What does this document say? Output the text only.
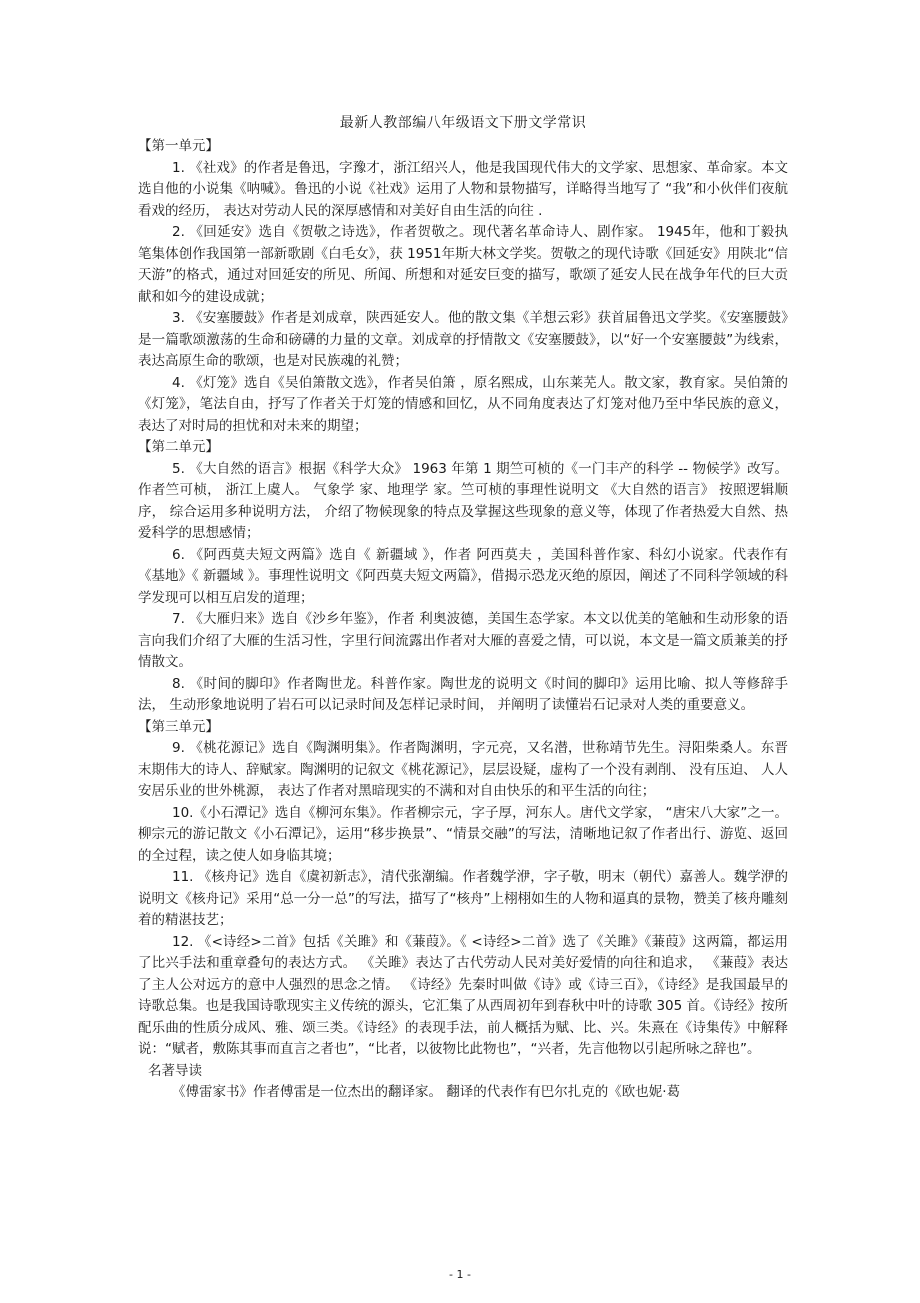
最新人教部编八年级语文下册文学常识

【第一单元】

1. 《社戏》的作者是鲁迅，字豫才，浙江绍兴人，他是我国现代伟大的文学家、思想家、革命家。本文选自他的小说集《呐喊》。鲁迅的小说《社戏》运用了人物和景物描写，详略得当地写了 “我”和小伙伴们夜航看戏的经历， 表达对劳动人民的深厚感情和对美好自由生活的向往 .

2. 《回延安》选自《贺敬之诗选》，作者贺敬之。现代著名革命诗人、剧作家。 1945年，他和丁毅执笔集体创作我国第一部新歌剧《白毛女》，获 1951年斯大林文学奖。贺敬之的现代诗歌《回延安》用陕北“信天游”的格式，通过对回延安的所见、所闻、所想和对延安巨变的描写，歌颂了延安人民在战争年代的巨大贡献和如今的建设成就；

3. 《安塞腰鼓》作者是刘成章，陕西延安人。他的散文集《羊想云彩》获首届鲁迅文学奖。《安塞腰鼓》是一篇歌颂激荡的生命和磅礴的力量的文章。刘成章的抒情散文《安塞腰鼓》，以“好一个安塞腰鼓”为线索，表达高原生命的歌颂，也是对民族魂的礼赞；

4. 《灯笼》选自《吴伯箫散文选》，作者吴伯箫 ，原名熙成，山东莱芜人。散文家，教育家。吴伯箫的《灯笼》，笔法自由，抒写了作者关于灯笼的情感和回忆，从不同角度表达了灯笼对他乃至中华民族的意义，表达了对时局的担忧和对未来的期望；

【第二单元】

5. 《大自然的语言》根据《科学大众》 1963 年第 1 期竺可桢的《一门丰产的科学 -- 物候学》改写。作者竺可桢， 浙江上虞人。 气象学 家、地理学 家。竺可桢的事理性说明文 《大自然的语言》 按照逻辑顺序， 综合运用多种说明方法， 介绍了物候现象的特点及掌握这些现象的意义等，体现了作者热爱大自然、热爱科学的思想感情；

6. 《阿西莫夫短文两篇》选自《 新疆域 》，作者 阿西莫夫 ，美国科普作家、科幻小说家。代表作有《基地》《 新疆域 》。事理性说明文《阿西莫夫短文两篇》，借揭示恐龙灭绝的原因，阐述了不同科学领域的科学发现可以相互启发的道理；

7. 《大雁归来》选自《沙乡年鉴》，作者 利奥波德，美国生态学家。本文以优美的笔触和生动形象的语言向我们介绍了大雁的生活习性，字里行间流露出作者对大雁的喜爱之情，可以说，本文是一篇文质兼美的抒情散文。

8. 《时间的脚印》作者陶世龙。科普作家。陶世龙的说明文《时间的脚印》运用比喻、拟人等修辞手法， 生动形象地说明了岩石可以记录时间及怎样记录时间， 并阐明了读懂岩石记录对人类的重要意义。

【第三单元】

9. 《桃花源记》选自《陶渊明集》。作者陶渊明，字元亮，又名潜，世称靖节先生。浔阳柴桑人。东晋末期伟大的诗人、辞赋家。陶渊明的记叙文《桃花源记》，层层设疑，虚构了一个没有剥削、 没有压迫、 人人安居乐业的世外桃源， 表达了作者对黑暗现实的不满和对自由快乐的和平生活的向往；

10.《小石潭记》选自《柳河东集》。作者柳宗元，字子厚，河东人。唐代文学家， “唐宋八大家”之一。柳宗元的游记散文《小石潭记》，运用“移步换景”、“情景交融”的写法，清晰地记叙了作者出行、游览、返回的全过程，读之使人如身临其境；

11. 《核舟记》选自《虞初新志》，清代张潮编。作者魏学洢，字子敬，明末（朝代）嘉善人。魏学洢的说明文《核舟记》采用“总一分一总”的写法，描写了“核舟”上栩栩如生的人物和逼真的景物，赞美了核舟雕刻着的精湛技艺；

12. 《<诗经>二首》包括《关雎》和《蒹葭》。《 <诗经>二首》选了《关雎》《蒹葭》这两篇，都运用了比兴手法和重章叠句的表达方式。 《关雎》表达了古代劳动人民对美好爱情的向往和追求， 《蒹葭》表达了主人公对远方的意中人强烈的思念之情。 《诗经》先秦时叫做《诗》或《诗三百》，《诗经》是我国最早的诗歌总集。也是我国诗歌现实主义传统的源头，它汇集了从西周初年到春秋中叶的诗歌 305 首。《诗经》按所配乐曲的性质分成风、雅、颂三类。《诗经》的表现手法，前人概括为赋、比、兴。朱熹在《诗集传》中解释说：“赋者，敷陈其事而直言之者也”，“比者，以彼物比此物也”，“兴者，先言他物以引起所咏之辞也”。

名著导读

《傅雷家书》作者傅雷是一位杰出的翻译家。 翻译的代表作有巴尔扎克的《欧也妮·葛

- 1 -
